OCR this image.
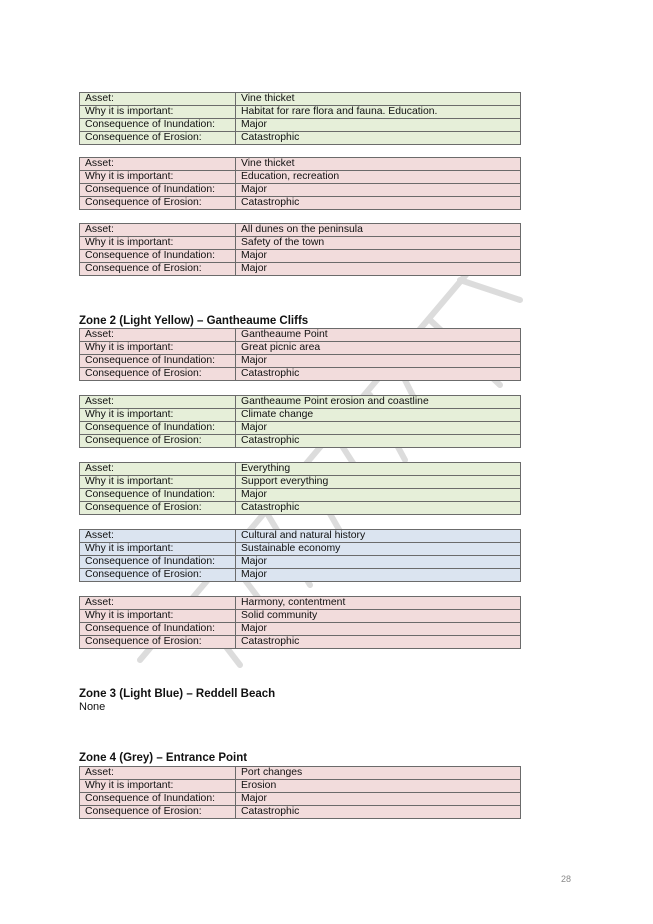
Asset:	Vine thicket
Why it is important:	Habitat for rare flora and fauna. Education.
Consequence of Inundation:	Major
Consequence of Erosion:	Catastrophic
Asset:	Vine thicket
Why it is important:	Education, recreation
Consequence of Inundation:	Major
Consequence of Erosion:	Catastrophic
Asset:	All dunes on the peninsula
Why it is important:	Safety of the town
Consequence of Inundation:	Major
Consequence of Erosion:	Major
Zone 2 (Light Yellow) – Gantheaume Cliffs
Asset:	Gantheaume Point
Why it is important:	Great picnic area
Consequence of Inundation:	Major
Consequence of Erosion:	Catastrophic
Asset:	Gantheaume Point erosion and coastline
Why it is important:	Climate change
Consequence of Inundation:	Major
Consequence of Erosion:	Catastrophic
Asset:	Everything
Why it is important:	Support everything
Consequence of Inundation:	Major
Consequence of Erosion:	Catastrophic
Asset:	Cultural and natural history
Why it is important:	Sustainable economy
Consequence of Inundation:	Major
Consequence of Erosion:	Major
Asset:	Harmony, contentment
Why it is important:	Solid community
Consequence of Inundation:	Major
Consequence of Erosion:	Catastrophic
Zone 3 (Light Blue) – Reddell Beach
None
Zone 4 (Grey) – Entrance Point
Asset:	Port changes
Why it is important:	Erosion
Consequence of Inundation:	Major
Consequence of Erosion:	Catastrophic
28
